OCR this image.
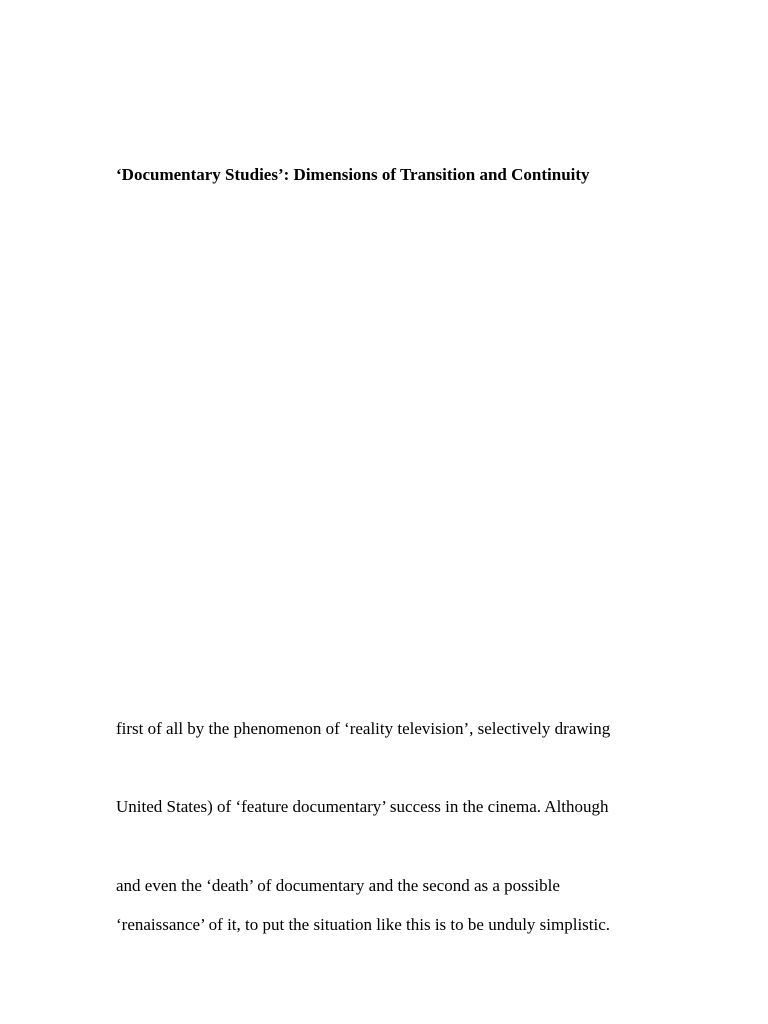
‘Documentary Studies’: Dimensions of Transition and Continuity

first of all by the phenomenon of ‘reality television’, selectively drawing

United States) of ‘feature documentary’ success in the cinema. Although

and even the ‘death’ of documentary and the second as a possible

‘renaissance’ of it, to put the situation like this is to be unduly simplistic.
